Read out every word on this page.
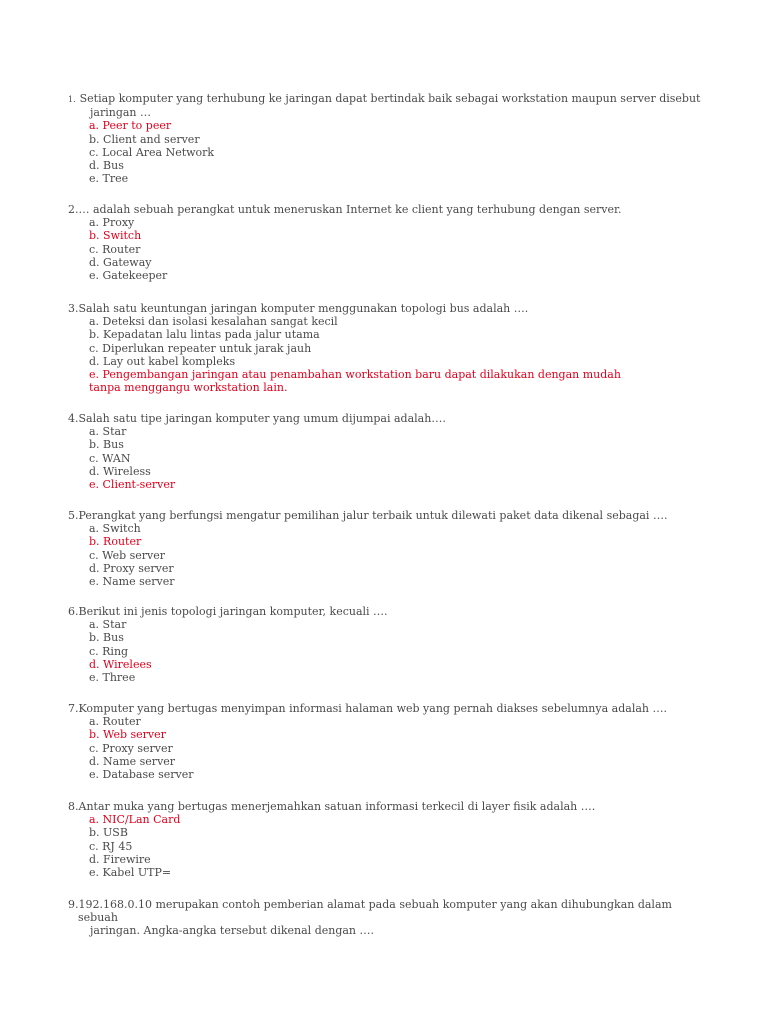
1. Setiap komputer yang terhubung ke jaringan dapat bertindak baik sebagai workstation maupun server disebut
jaringan …

a. Peer to peer
b. Client and server
c. Local Area Network
d. Bus
e. Tree

2.… adalah sebuah perangkat untuk meneruskan Internet ke client yang terhubung dengan server.

a. Proxy
b. Switch
c. Router
d. Gateway
e. Gatekeeper

3.Salah satu keuntungan jaringan komputer menggunakan topologi bus adalah ….

a. Deteksi dan isolasi kesalahan sangat kecil
b. Kepadatan lalu lintas pada jalur utama
c. Diperlukan repeater untuk jarak jauh
d. Lay out kabel kompleks
e. Pengembangan jaringan atau penambahan workstation baru dapat dilakukan dengan mudah tanpa menggangu workstation lain.

4.Salah satu tipe jaringan komputer yang umum dijumpai adalah….

a. Star
b. Bus
c. WAN
d. Wireless
e. Client-server

5.Perangkat yang berfungsi mengatur pemilihan jalur terbaik untuk dilewati paket data dikenal sebagai ….

a. Switch
b. Router
c. Web server
d. Proxy server
e. Name server

6.Berikut ini jenis topologi jaringan komputer, kecuali ….

a. Star
b. Bus
c. Ring
d. Wirelees
e. Three

7.Komputer yang bertugas menyimpan informasi halaman web yang pernah diakses sebelumnya adalah ….

a. Router
b. Web server
c. Proxy server
d. Name server
e. Database server

8.Antar muka yang bertugas menerjemahkan satuan informasi terkecil di layer fisik adalah ….

a. NIC/Lan Card
b. USB
c. RJ 45
d. Firewire
e. Kabel UTP=

9.192.168.0.10 merupakan contoh pemberian alamat pada sebuah komputer yang akan dihubungkan dalam sebuah
jaringan. Angka-angka tersebut dikenal dengan ….
